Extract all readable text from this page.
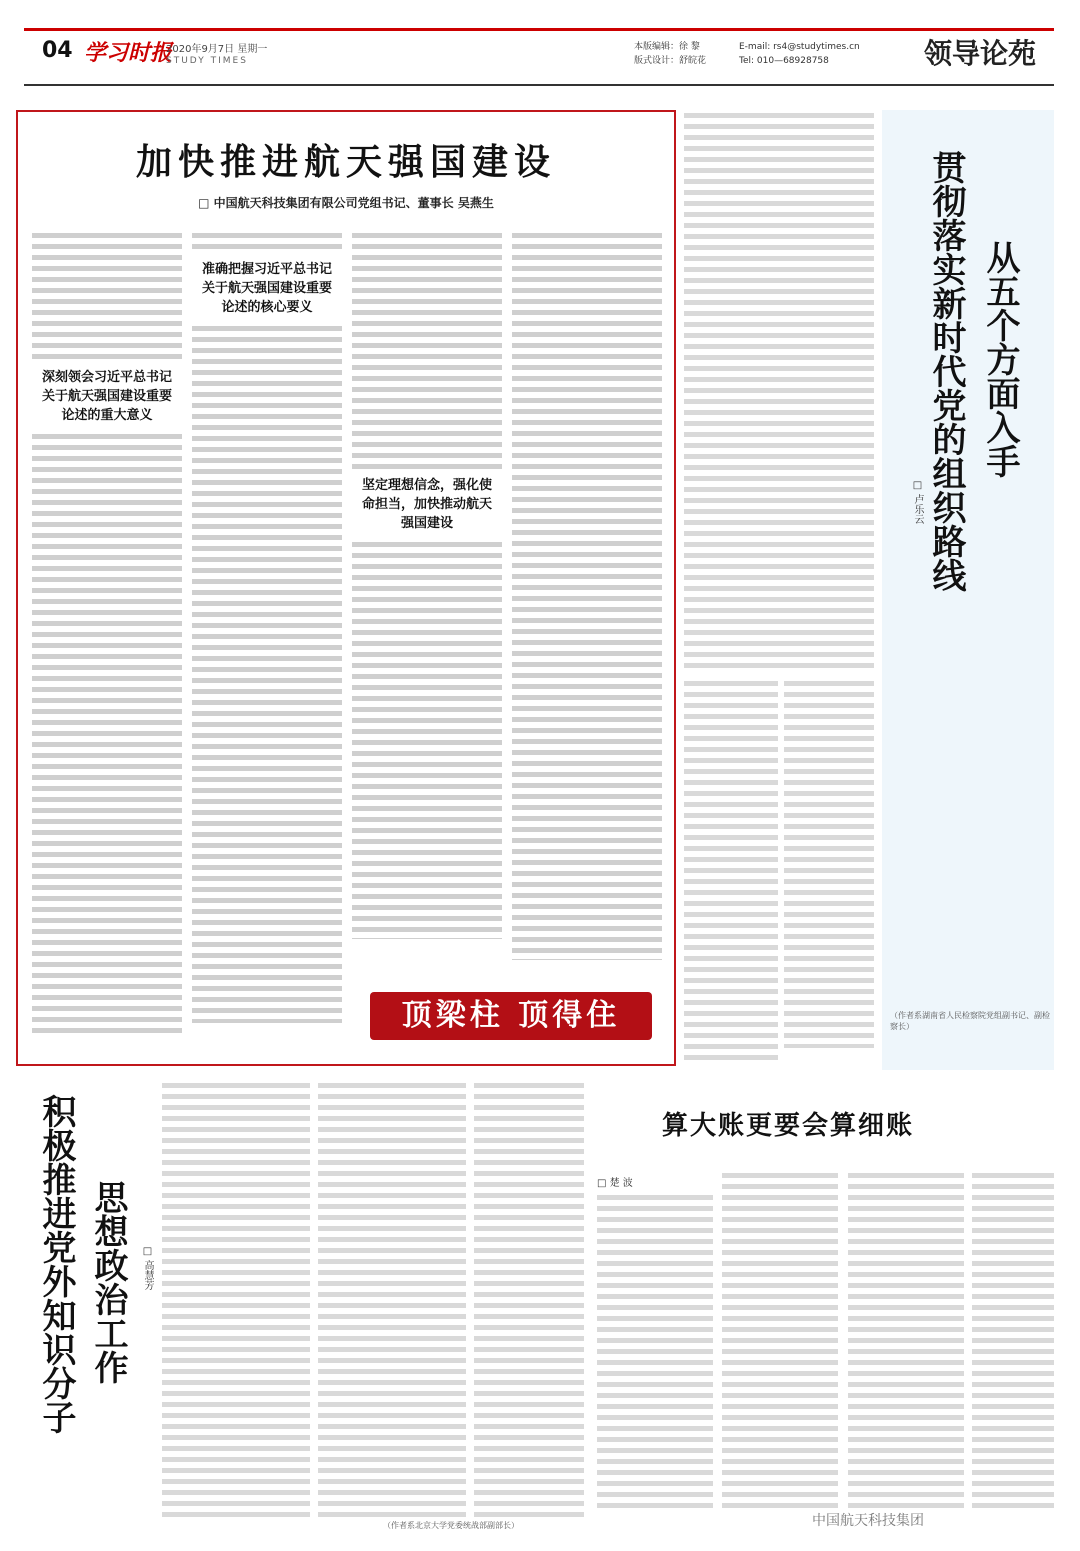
04 学习时报
2020年9月7日 星期一
STUDY TIMES
本版编辑：徐 黎
版式设计：舒皖花
E-mail: rs4@studytimes.cn
Tel: 010—68928758	领导论苑
加快推进航天强国建设
□ 中国航天科技集团有限公司党组书记、董事长 吴燕生
深刻领会习近平总书记关于航天强国建设重要论述的重大意义
准确把握习近平总书记关于航天强国建设重要论述的核心要义
坚定理想信念，强化使命担当，加快推动航天强国建设
顶梁柱 顶得住
从五个方面入手
贯彻落实新时代党的组织路线
□ 卢乐云
（作者系湖南省人民检察院党组副书记、副检察长）
思想政治工作
积极推进党外知识分子	□ 高慧芳
（作者系北京大学党委统战部副部长）
算大账更要会算细账
□ 楚 波
中国航天科技集团
